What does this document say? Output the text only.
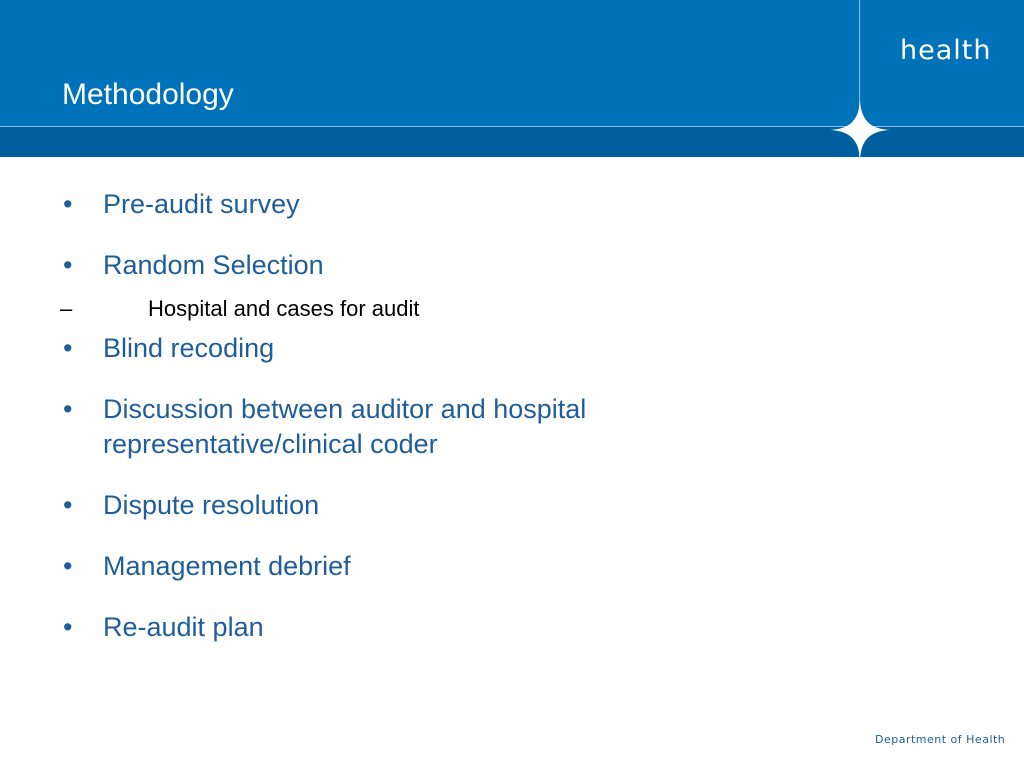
Methodology
health
• Pre-audit survey
• Random Selection
–	Hospital and cases for audit
• Blind recoding
• Discussion between auditor and hospital representative/clinical coder
• Dispute resolution
• Management debrief
• Re-audit plan
Department of Health
